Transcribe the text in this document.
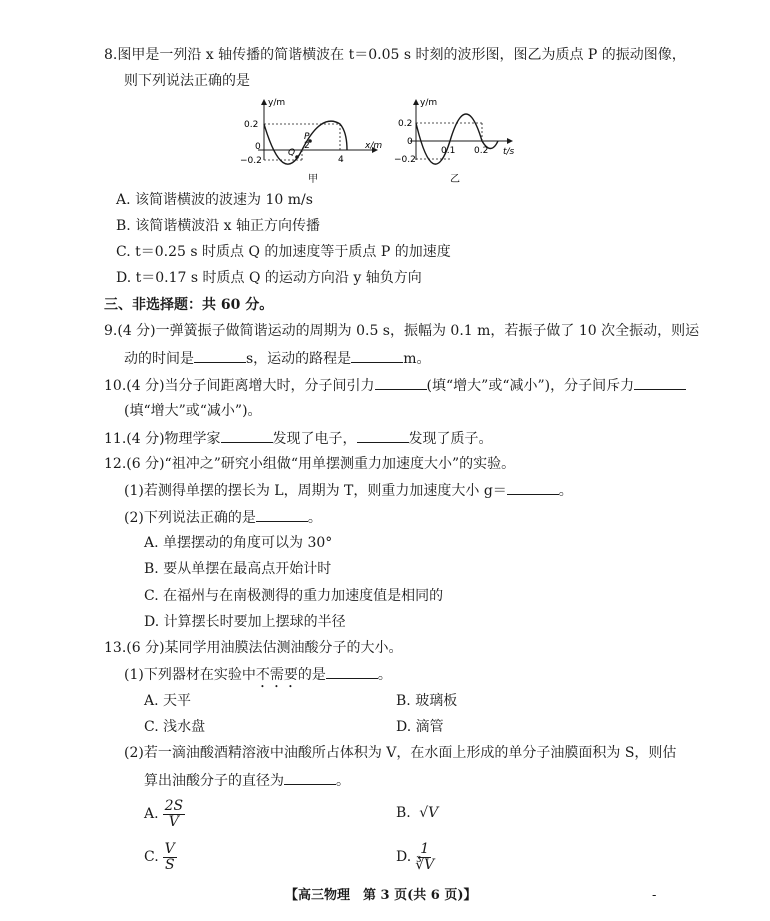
8.图甲是一列沿 x 轴传播的简谐横波在 t＝0.05 s 时刻的波形图，图乙为质点 P 的振动图像，
则下列说法正确的是
y/m
x/m
0.2
0
−0.2
2
4
P
Q
甲
y/m
t/s
0.2
0
−0.2
0.1 0.2
乙
A. 该简谐横波的波速为 10 m/s
B. 该简谐横波沿 x 轴正方向传播
C. t＝0.25 s 时质点 Q 的加速度等于质点 P 的加速度
D. t＝0.17 s 时质点 Q 的运动方向沿 y 轴负方向
三、非选择题：共 60 分。
9.(4 分)一弹簧振子做简谐运动的周期为 0.5 s，振幅为 0.1 m，若振子做了 10 次全振动，则运
动的时间是	s，运动的路程是	m。
10.(4 分)当分子间距离增大时，分子间引力	(填“增大”或“减小”)，分子间斥力
(填“增大”或“减小”)。
11.(4 分)物理学家	发现了电子，	发现了质子。
12.(6 分)“祖冲之”研究小组做“用单摆测重力加速度大小”的实验。
(1)若测得单摆的摆长为 L，周期为 T，则重力加速度大小 g＝	。
(2)下列说法正确的是	。
A. 单摆摆动的角度可以为 30°
B. 要从单摆在最高点开始计时
C. 在福州与在南极测得的重力加速度值是相同的
D. 计算摆长时要加上摆球的半径
13.(6 分)某同学用油膜法估测油酸分子的大小。
(1)下列器材在实验中不需要的是	。
A. 天平	B. 玻璃板
C. 浅水盘	D. 滴管
(2)若一滴油酸酒精溶液中油酸所占体积为 V，在水面上形成的单分子油膜面积为 S，则估
算出油酸分子的直径为	。
A. $\frac{2S}{V}$	B. √V
C. $\frac{V}{S}$	D. $\frac{1}{∛V}$
【高三物理　第 3 页(共 6 页)】	-
